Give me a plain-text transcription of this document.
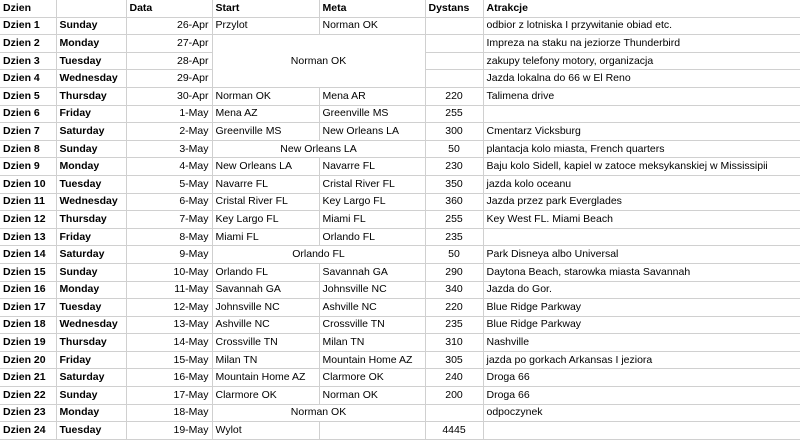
Dzien		Data	Start	Meta	Dystans	Atrakcje
Dzien 1	Sunday	26-Apr	Przylot	Norman OK		odbior z lotniska I przywitanie obiad etc.
Dzien 2	Monday	27-Apr	Norman OK			Impreza na staku na jeziorze Thunderbird
Dzien 3	Tuesday	28-Apr				zakupy telefony motory, organizacja
Dzien 4	Wednesday	29-Apr				Jazda lokalna do 66 w El Reno
Dzien 5	Thursday	30-Apr	Norman OK	Mena AR	220	Talimena drive
Dzien 6	Friday	1-May	Mena AZ	Greenville MS	255	
Dzien 7	Saturday	2-May	Greenville MS	New Orleans LA	300	Cmentarz Vicksburg
Dzien 8	Sunday	3-May	New Orleans LA		50	plantacja kolo miasta, French quarters
Dzien 9	Monday	4-May	New Orleans LA	Navarre FL	230	Baju kolo Sidell, kapiel w zatoce meksykanskiej w Mississipii
Dzien 10	Tuesday	5-May	Navarre FL	Cristal River FL	350	jazda kolo oceanu
Dzien 11	Wednesday	6-May	Cristal River FL	Key Largo FL	360	Jazda przez park Everglades
Dzien 12	Thursday	7-May	Key Largo FL	Miami FL	255	Key West FL. Miami Beach
Dzien 13	Friday	8-May	Miami FL	Orlando FL	235	
Dzien 14	Saturday	9-May	Orlando FL		50	Park Disneya albo Universal
Dzien 15	Sunday	10-May	Orlando FL	Savannah GA	290	Daytona Beach, starowka miasta Savannah
Dzien 16	Monday	11-May	Savannah GA	Johnsville NC	340	Jazda do Gor.
Dzien 17	Tuesday	12-May	Johnsville NC	Ashville NC	220	Blue Ridge Parkway
Dzien 18	Wednesday	13-May	Ashville NC	Crossville TN	235	Blue Ridge Parkway
Dzien 19	Thursday	14-May	Crossville TN	Milan TN	310	Nashville
Dzien 20	Friday	15-May	Milan TN	Mountain Home AZ	305	jazda po gorkach Arkansas I jeziora
Dzien 21	Saturday	16-May	Mountain Home AZ	Clarmore OK	240	Droga 66
Dzien 22	Sunday	17-May	Clarmore OK	Norman OK	200	Droga 66
Dzien 23	Monday	18-May	Norman OK			odpoczynek
Dzien 24	Tuesday	19-May	Wylot		4445	
